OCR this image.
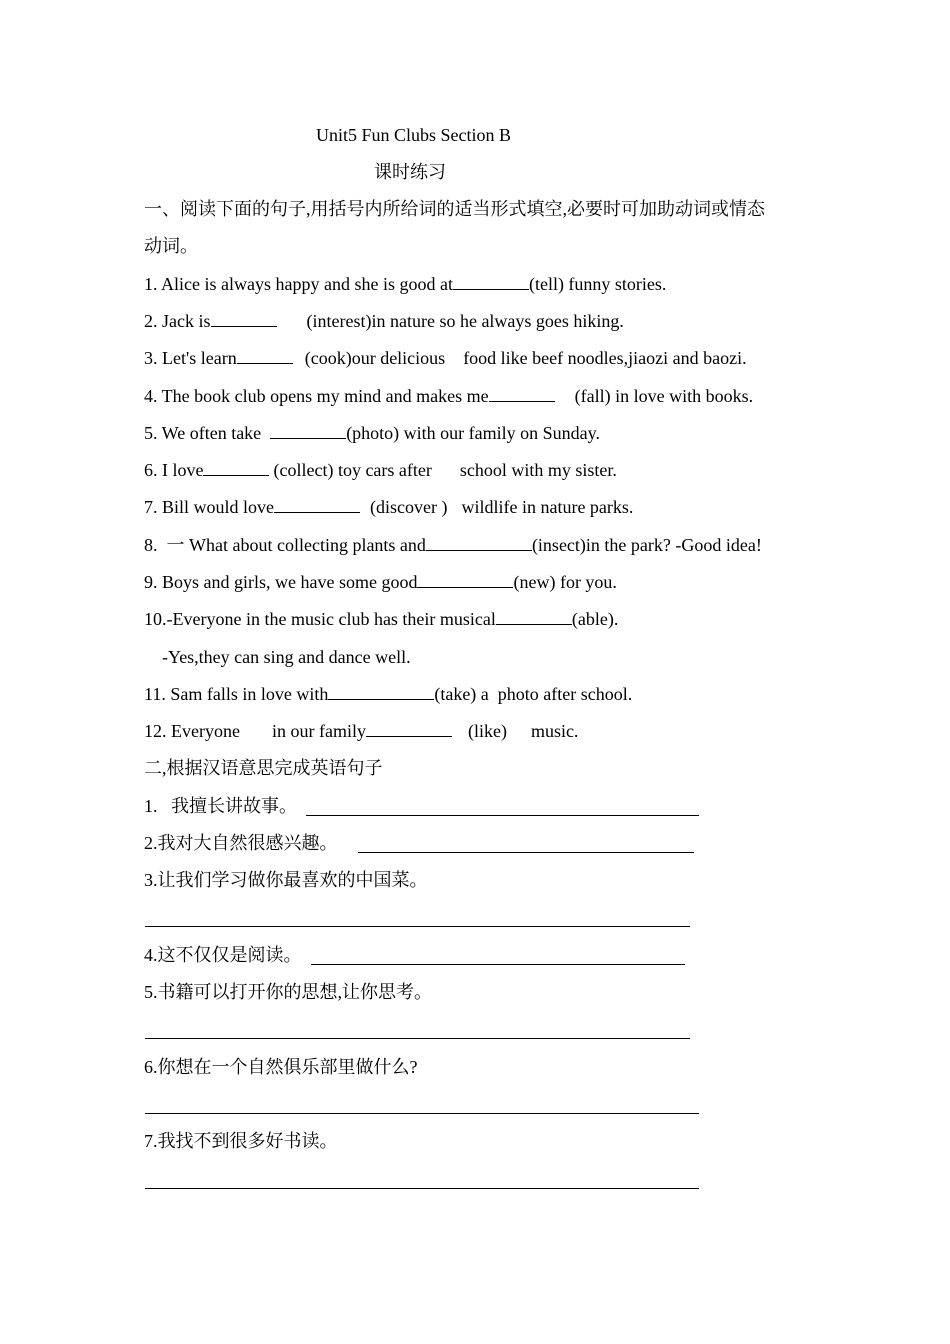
Unit5 Fun Clubs Section B
课时练习
一、阅读下面的句子,用括号内所给词的适当形式填空,必要时可加助动词或情态
动词。
1. Alice is always happy and she is good at	(tell) funny stories.
2. Jack is	(interest)in nature so he always goes hiking.
3. Let's learn	(cook)our delicious food like beef noodles,jiaozi and baozi.
4. The book club opens my mind and makes me	(fall) in love with books.
5. We often take	(photo) with our family on Sunday.
6. I love	(collect) toy cars after school with my sister.
7. Bill would love	(discover ) wildlife in nature parks.
8.  一 What about collecting plants and	(insect)in the park? -Good idea!
9. Boys and girls, we have some good	(new) for you.
10.-Everyone in the music club has their musical	(able).
-Yes,they can sing and dance well.
11. Sam falls in love with	(take) a  photo after school.
12. Everyone in our family	(like) music.
二,根据汉语意思完成英语句子
1.   我擅长讲故事。
2.我对大自然很感兴趣。
3.让我们学习做你最喜欢的中国菜。
4.这不仅仅是阅读。
5.书籍可以打开你的思想,让你思考。
6.你想在一个自然俱乐部里做什么?
7.我找不到很多好书读。
